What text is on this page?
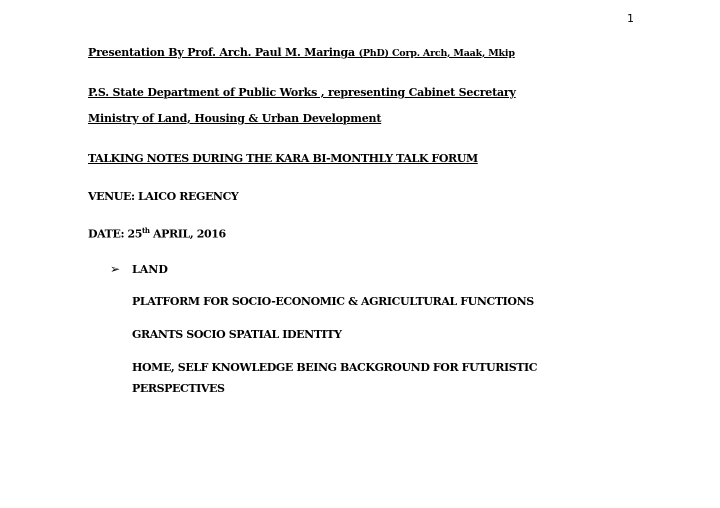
1
Presentation By Prof. Arch. Paul M. Maringa (PhD) Corp. Arch, Maak, Mkip
P.S. State Department of Public Works , representing Cabinet Secretary
Ministry of Land, Housing & Urban Development
TALKING NOTES DURING THE KARA BI-MONTHLY TALK FORUM
VENUE: LAICO REGENCY
DATE: 25th APRIL, 2016
➢ LAND
PLATFORM FOR SOCIO-ECONOMIC & AGRICULTURAL FUNCTIONS
GRANTS SOCIO SPATIAL IDENTITY
HOME, SELF KNOWLEDGE BEING BACKGROUND FOR FUTURISTIC PERSPECTIVES
